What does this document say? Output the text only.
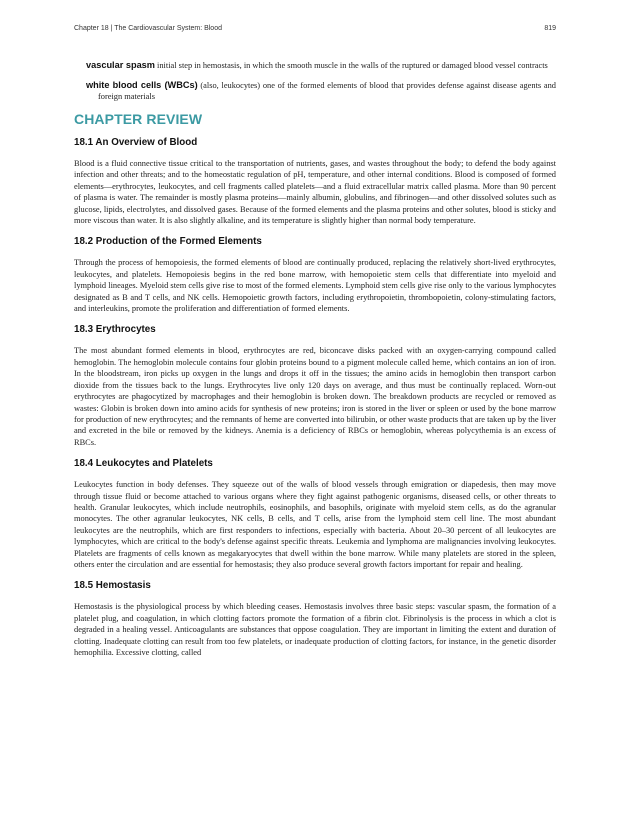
Chapter 18 | The Cardiovascular System: Blood	819

vascular spasm initial step in hemostasis, in which the smooth muscle in the walls of the ruptured or damaged blood vessel contracts

white blood cells (WBCs) (also, leukocytes) one of the formed elements of blood that provides defense against disease agents and foreign materials

CHAPTER REVIEW
18.1 An Overview of Blood

Blood is a fluid connective tissue critical to the transportation of nutrients, gases, and wastes throughout the body; to defend the body against infection and other threats; and to the homeostatic regulation of pH, temperature, and other internal conditions. Blood is composed of formed elements—erythrocytes, leukocytes, and cell fragments called platelets—and a fluid extracellular matrix called plasma. More than 90 percent of plasma is water. The remainder is mostly plasma proteins—mainly albumin, globulins, and fibrinogen—and other dissolved solutes such as glucose, lipids, electrolytes, and dissolved gases. Because of the formed elements and the plasma proteins and other solutes, blood is sticky and more viscous than water. It is also slightly alkaline, and its temperature is slightly higher than normal body temperature.

18.2 Production of the Formed Elements

Through the process of hemopoiesis, the formed elements of blood are continually produced, replacing the relatively short-lived erythrocytes, leukocytes, and platelets. Hemopoiesis begins in the red bone marrow, with hemopoietic stem cells that differentiate into myeloid and lymphoid lineages. Myeloid stem cells give rise to most of the formed elements. Lymphoid stem cells give rise only to the various lymphocytes designated as B and T cells, and NK cells. Hemopoietic growth factors, including erythropoietin, thrombopoietin, colony-stimulating factors, and interleukins, promote the proliferation and differentiation of formed elements.

18.3 Erythrocytes

The most abundant formed elements in blood, erythrocytes are red, biconcave disks packed with an oxygen-carrying compound called hemoglobin. The hemoglobin molecule contains four globin proteins bound to a pigment molecule called heme, which contains an ion of iron. In the bloodstream, iron picks up oxygen in the lungs and drops it off in the tissues; the amino acids in hemoglobin then transport carbon dioxide from the tissues back to the lungs. Erythrocytes live only 120 days on average, and thus must be continually replaced. Worn-out erythrocytes are phagocytized by macrophages and their hemoglobin is broken down. The breakdown products are recycled or removed as wastes: Globin is broken down into amino acids for synthesis of new proteins; iron is stored in the liver or spleen or used by the bone marrow for production of new erythrocytes; and the remnants of heme are converted into bilirubin, or other waste products that are taken up by the liver and excreted in the bile or removed by the kidneys. Anemia is a deficiency of RBCs or hemoglobin, whereas polycythemia is an excess of RBCs.

18.4 Leukocytes and Platelets

Leukocytes function in body defenses. They squeeze out of the walls of blood vessels through emigration or diapedesis, then may move through tissue fluid or become attached to various organs where they fight against pathogenic organisms, diseased cells, or other threats to health. Granular leukocytes, which include neutrophils, eosinophils, and basophils, originate with myeloid stem cells, as do the agranular monocytes. The other agranular leukocytes, NK cells, B cells, and T cells, arise from the lymphoid stem cell line. The most abundant leukocytes are the neutrophils, which are first responders to infections, especially with bacteria. About 20–30 percent of all leukocytes are lymphocytes, which are critical to the body's defense against specific threats. Leukemia and lymphoma are malignancies involving leukocytes. Platelets are fragments of cells known as megakaryocytes that dwell within the bone marrow. While many platelets are stored in the spleen, others enter the circulation and are essential for hemostasis; they also produce several growth factors important for repair and healing.

18.5 Hemostasis

Hemostasis is the physiological process by which bleeding ceases. Hemostasis involves three basic steps: vascular spasm, the formation of a platelet plug, and coagulation, in which clotting factors promote the formation of a fibrin clot. Fibrinolysis is the process in which a clot is degraded in a healing vessel. Anticoagulants are substances that oppose coagulation. They are important in limiting the extent and duration of clotting. Inadequate clotting can result from too few platelets, or inadequate production of clotting factors, for instance, in the genetic disorder hemophilia. Excessive clotting, called
